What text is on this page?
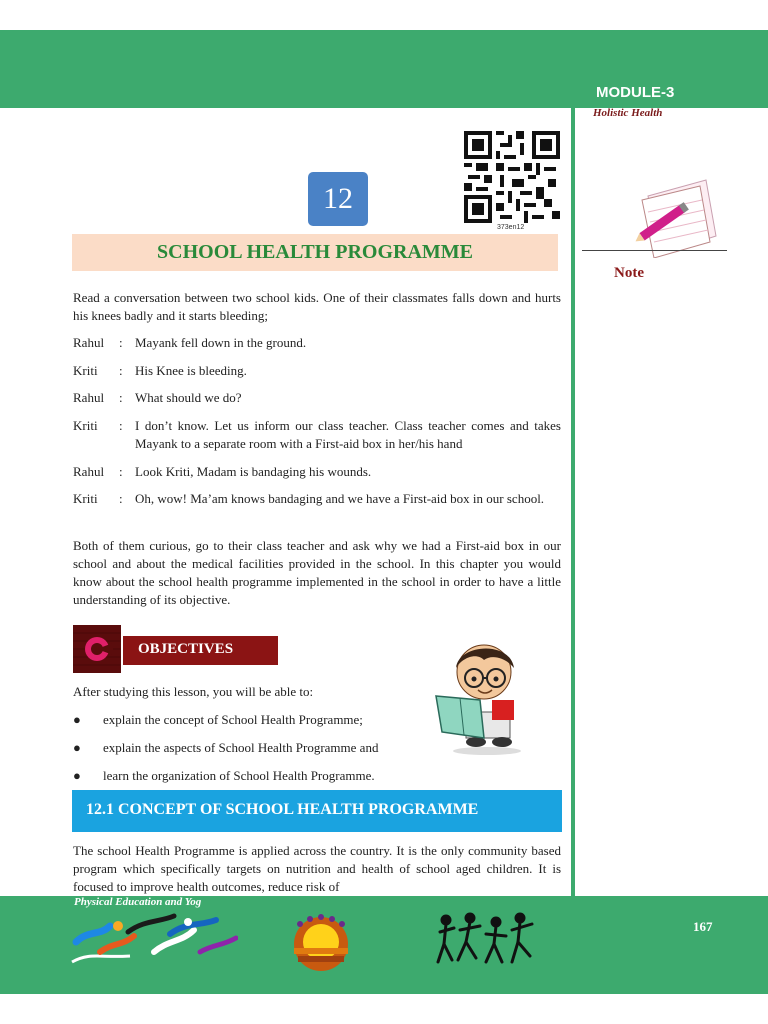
MODULE-3
Holistic Health
373en12
12
SCHOOL HEALTH PROGRAMME
Note
Read a conversation between two school kids. One of their classmates falls down and hurts his knees badly and it starts bleeding;
Rahul	: Mayank fell down in the ground.
Kriti	: His Knee is bleeding.
Rahul	: What should we do?
Kriti	: I don’t know. Let us inform our class teacher. Class teacher comes and takes Mayank to a separate room with a First-aid box in her/his hand
Rahul	: Look Kriti, Madam is bandaging his wounds.
Kriti	: Oh, wow! Ma’am knows bandaging and we have a First-aid box in our school.
Both of them curious, go to their class teacher and ask why we had a First-aid box in our school and about the medical facilities provided in the school. In this chapter you would know about the school health programme implemented in the school in order to have a little understanding of its objective.
OBJECTIVES
After studying this lesson, you will be able to:
● explain the concept of School Health Programme;
● explain the aspects of School Health Programme and
● learn the organization of School Health Programme.
12.1 CONCEPT OF SCHOOL HEALTH PROGRAMME
The school Health Programme is applied across the country. It is the only community based program which specifically targets on nutrition and health of school aged children. It is focused to improve health outcomes, reduce risk of
Physical Education and Yog
167
